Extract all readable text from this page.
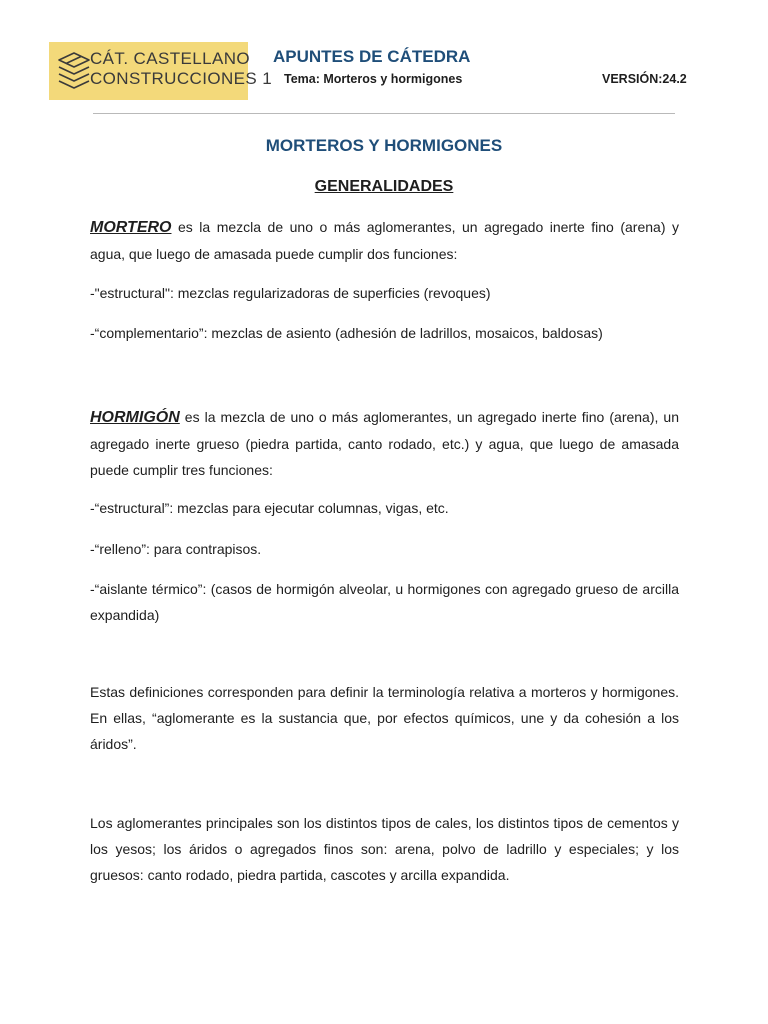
CÁT. CASTELLANO
CONSTRUCCIONES 1
APUNTES DE CÁTEDRA
Tema: Morteros y hormigones	VERSIÓN:24.2
MORTEROS Y HORMIGONES
GENERALIDADES
MORTERO es la mezcla de uno o más aglomerantes, un agregado inerte fino (arena) y agua, que luego de amasada puede cumplir dos funciones:
-"estructural": mezclas regularizadoras de superficies (revoques)
-“complementario”: mezclas de asiento (adhesión de ladrillos, mosaicos, baldosas)
HORMIGÓN es la mezcla de uno o más aglomerantes, un agregado inerte fino (arena), un agregado inerte grueso (piedra partida, canto rodado, etc.) y agua, que luego de amasada puede cumplir tres funciones:
-“estructural”: mezclas para ejecutar columnas, vigas, etc.
-“relleno”: para contrapisos.
-“aislante térmico”: (casos de hormigón alveolar, u hormigones con agregado grueso de arcilla expandida)
Estas definiciones corresponden para definir la terminología relativa a morteros y hormigones. En ellas, “aglomerante es la sustancia que, por efectos químicos, une y da cohesión a los áridos”.
Los aglomerantes principales son los distintos tipos de cales, los distintos tipos de cementos y los yesos; los áridos o agregados finos son: arena, polvo de ladrillo y especiales; y los gruesos: canto rodado, piedra partida, cascotes y arcilla expandida.
